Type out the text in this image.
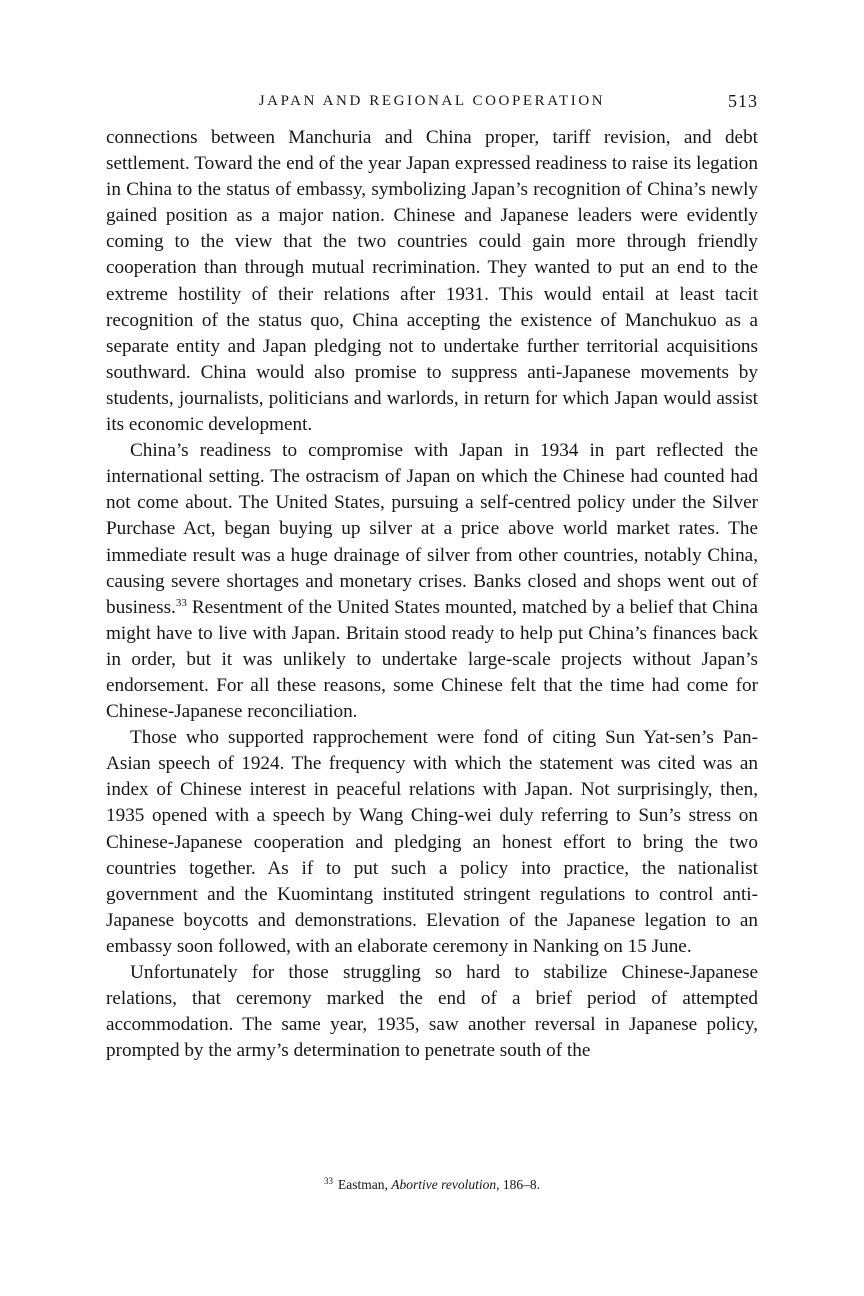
JAPAN AND REGIONAL COOPERATION	513

connections between Manchuria and China proper, tariff revision, and debt settlement. Toward the end of the year Japan expressed readiness to raise its legation in China to the status of embassy, symbolizing Japan’s recognition of China’s newly gained position as a major nation. Chinese and Japanese leaders were evidently coming to the view that the two countries could gain more through friendly cooperation than through mutual recrimination. They wanted to put an end to the extreme hostility of their relations after 1931. This would entail at least tacit recognition of the status quo, China accepting the existence of Manchukuo as a separate entity and Japan pledging not to undertake further territorial acquisitions southward. China would also promise to suppress anti-Japanese movements by students, journalists, politicians and warlords, in return for which Japan would assist its economic development.

China’s readiness to compromise with Japan in 1934 in part reflected the international setting. The ostracism of Japan on which the Chinese had counted had not come about. The United States, pursuing a self-centred policy under the Silver Purchase Act, began buying up silver at a price above world market rates. The immediate result was a huge drainage of silver from other countries, notably China, causing severe shortages and monetary crises. Banks closed and shops went out of business.$^{33}$ Resentment of the United States mounted, matched by a belief that China might have to live with Japan. Britain stood ready to help put China’s finances back in order, but it was unlikely to undertake large-scale projects without Japan’s endorsement. For all these reasons, some Chinese felt that the time had come for Chinese-Japanese reconciliation.

Those who supported rapprochement were fond of citing Sun Yat-sen’s Pan-Asian speech of 1924. The frequency with which the statement was cited was an index of Chinese interest in peaceful relations with Japan. Not surprisingly, then, 1935 opened with a speech by Wang Ching-wei duly referring to Sun’s stress on Chinese-Japanese cooperation and pledging an honest effort to bring the two countries together. As if to put such a policy into practice, the nationalist government and the Kuomintang instituted stringent regulations to control anti-Japanese boycotts and demonstrations. Elevation of the Japanese legation to an embassy soon followed, with an elaborate ceremony in Nanking on 15 June.

Unfortunately for those struggling so hard to stabilize Chinese-Japanese relations, that ceremony marked the end of a brief period of attempted accommodation. The same year, 1935, saw another reversal in Japanese policy, prompted by the army’s determination to penetrate south of the

$^{33}$ Eastman, Abortive revolution, 186–8.
